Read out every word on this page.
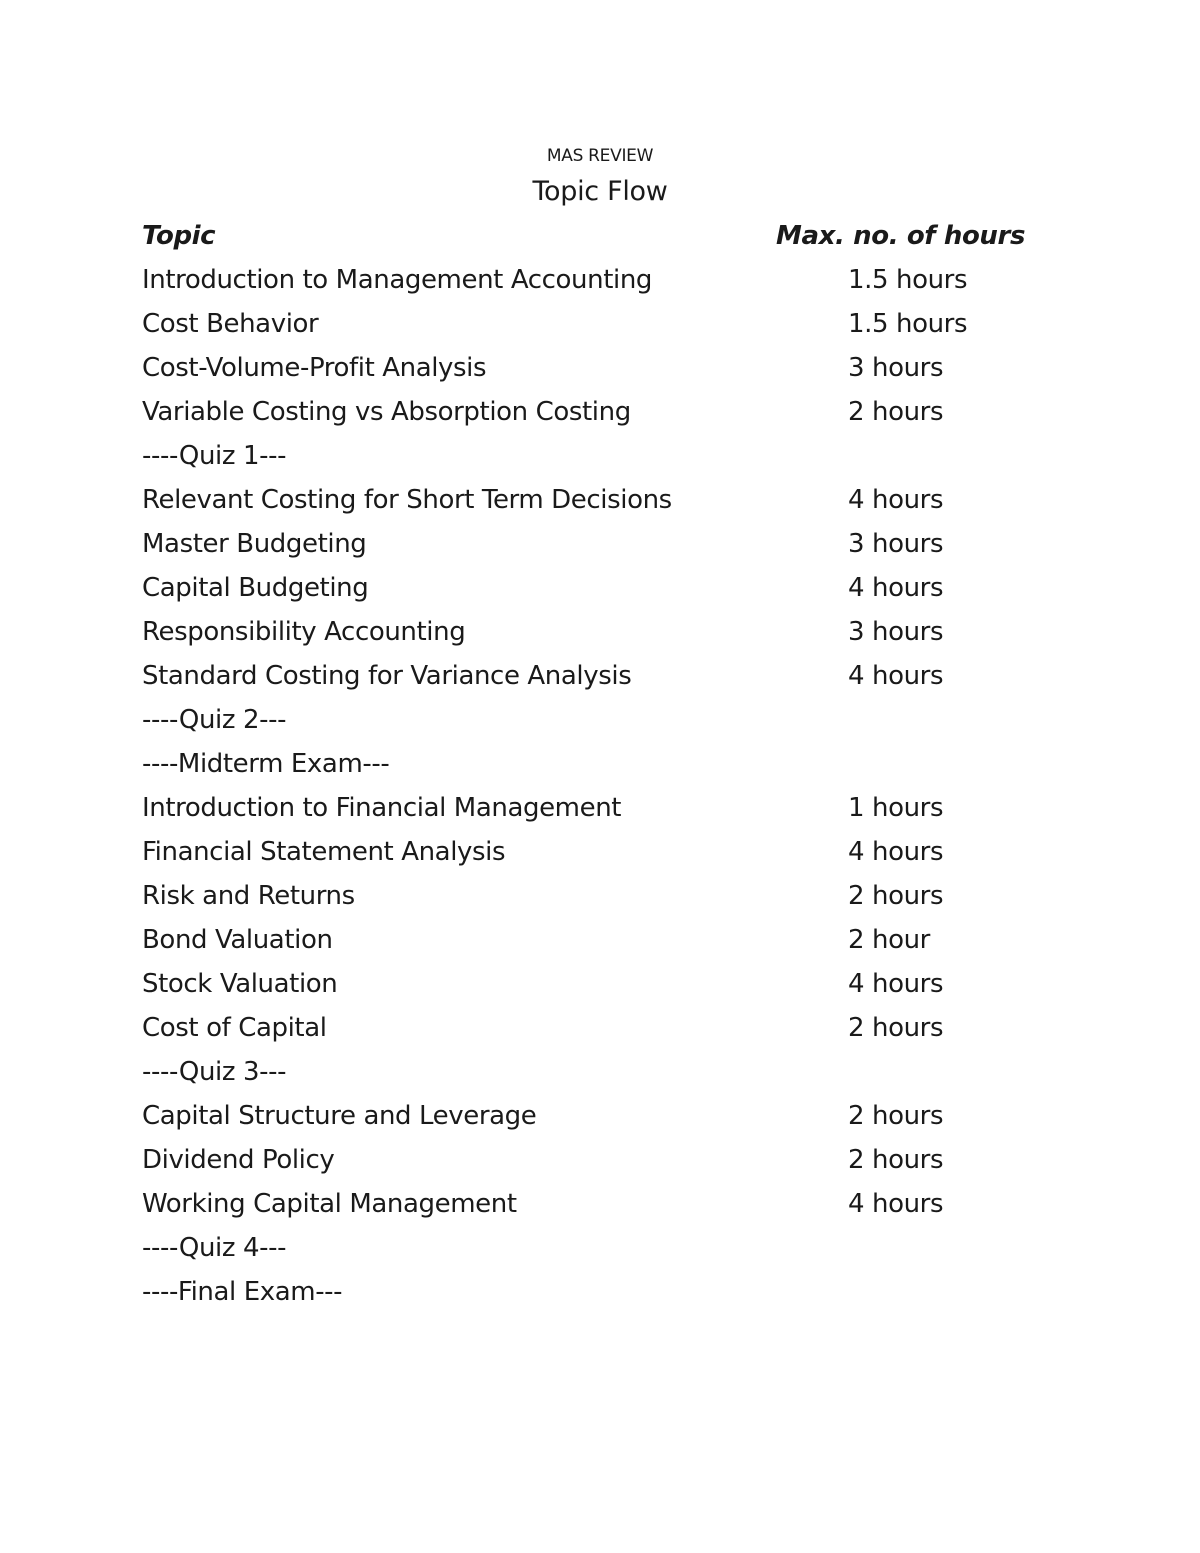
MAS REVIEW
Topic Flow
Topic	Max. no. of hours
Introduction to Management Accounting	1.5 hours
Cost Behavior	1.5 hours
Cost-Volume-Profit Analysis	3 hours
Variable Costing vs Absorption Costing	2 hours
----Quiz 1---
Relevant Costing for Short Term Decisions	4 hours
Master Budgeting	3 hours
Capital Budgeting	4 hours
Responsibility Accounting	3 hours
Standard Costing for Variance Analysis	4 hours
----Quiz 2---
----Midterm Exam---
Introduction to Financial Management	1 hours
Financial Statement Analysis	4 hours
Risk and Returns	2 hours
Bond Valuation	2 hour
Stock Valuation	4 hours
Cost of Capital	2 hours
----Quiz 3---
Capital Structure and Leverage	2 hours
Dividend Policy	2 hours
Working Capital Management	4 hours
----Quiz 4---
----Final Exam---
